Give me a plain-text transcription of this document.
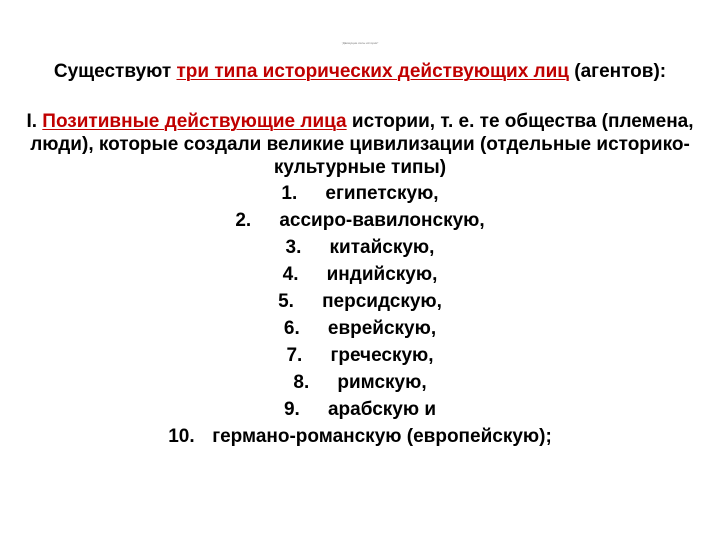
“Движущие силы истории”
Существуют три типа исторических действующих лиц (агентов):
I. Позитивные действующие лица истории, т. е. те общества (племена, люди), которые создали великие цивилизации (отдельные историко-культурные типы)
1.	египетскую,
2.	ассиро-вавилонскую,
3.	китайскую,
4.	индийскую,
5.	персидскую,
6.	еврейскую,
7.	греческую,
8.	римскую,
9.	арабскую и
10. германо-романскую (европейскую);
